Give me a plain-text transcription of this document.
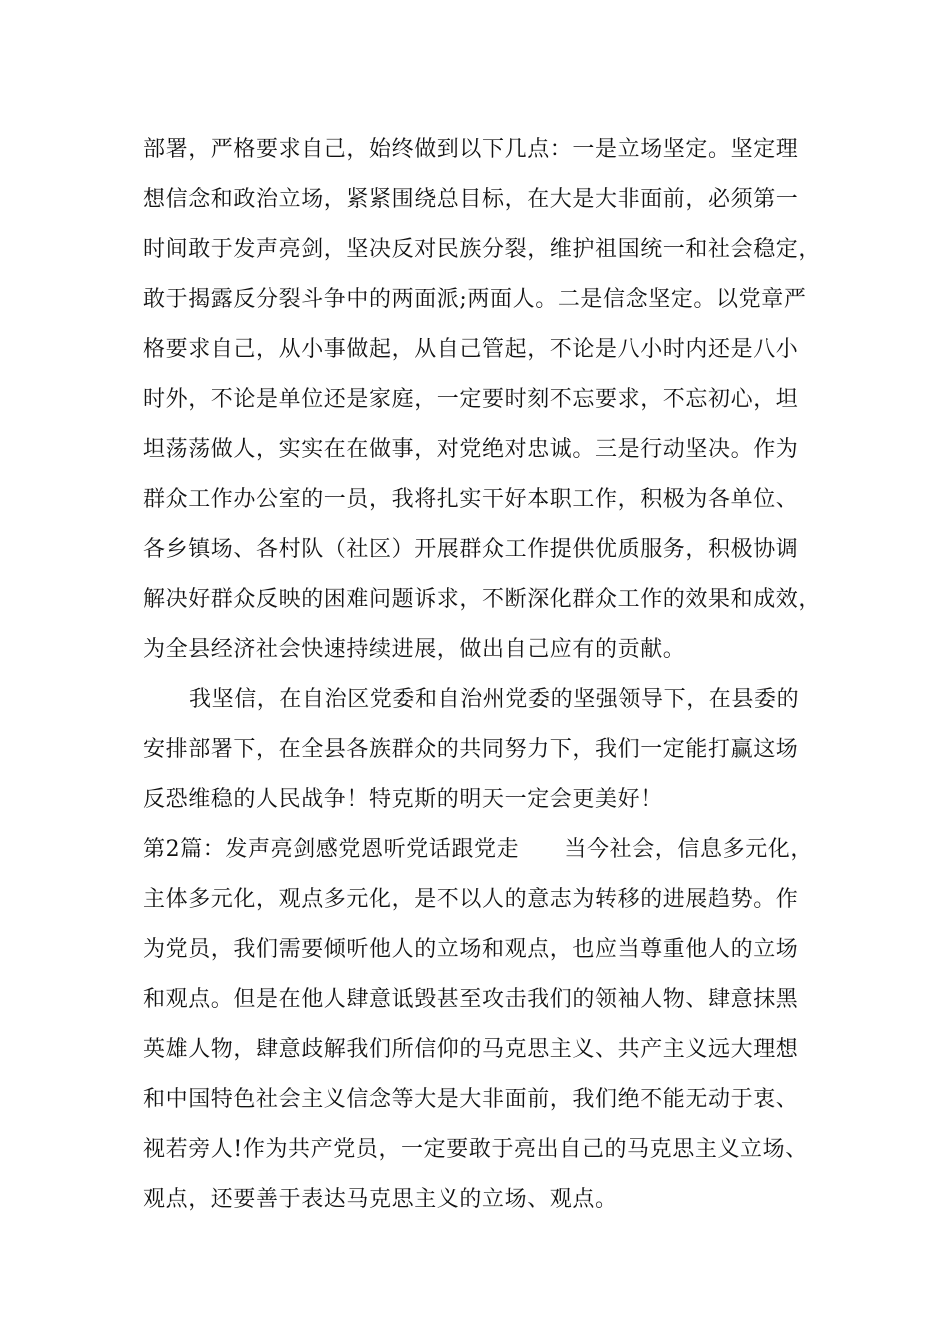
部署，严格要求自己，始终做到以下几点：一是立场坚定。坚定理
想信念和政治立场，紧紧围绕总目标，在大是大非面前，必须第一
时间敢于发声亮剑，坚决反对民族分裂，维护祖国统一和社会稳定，
敢于揭露反分裂斗争中的两面派;两面人。二是信念坚定。以党章严
格要求自己，从小事做起，从自己管起，不论是八小时内还是八小
时外，不论是单位还是家庭，一定要时刻不忘要求，不忘初心，坦
坦荡荡做人，实实在在做事，对党绝对忠诚。三是行动坚决。作为
群众工作办公室的一员，我将扎实干好本职工作，积极为各单位、
各乡镇场、各村队（社区）开展群众工作提供优质服务，积极协调
解决好群众反映的困难问题诉求，不断深化群众工作的效果和成效，
为全县经济社会快速持续进展，做出自己应有的贡献。
我坚信，在自治区党委和自治州党委的坚强领导下，在县委的
安排部署下，在全县各族群众的共同努力下，我们一定能打赢这场
反恐维稳的人民战争！特克斯的明天一定会更美好！
第2篇：发声亮剑感党恩听党话跟党走　　当今社会，信息多元化，
主体多元化，观点多元化，是不以人的意志为转移的进展趋势。作
为党员，我们需要倾听他人的立场和观点，也应当尊重他人的立场
和观点。但是在他人肆意诋毁甚至攻击我们的领袖人物、肆意抹黑
英雄人物，肆意歧解我们所信仰的马克思主义、共产主义远大理想
和中国特色社会主义信念等大是大非面前，我们绝不能无动于衷、
视若旁人!作为共产党员，一定要敢于亮出自己的马克思主义立场、
观点，还要善于表达马克思主义的立场、观点。
